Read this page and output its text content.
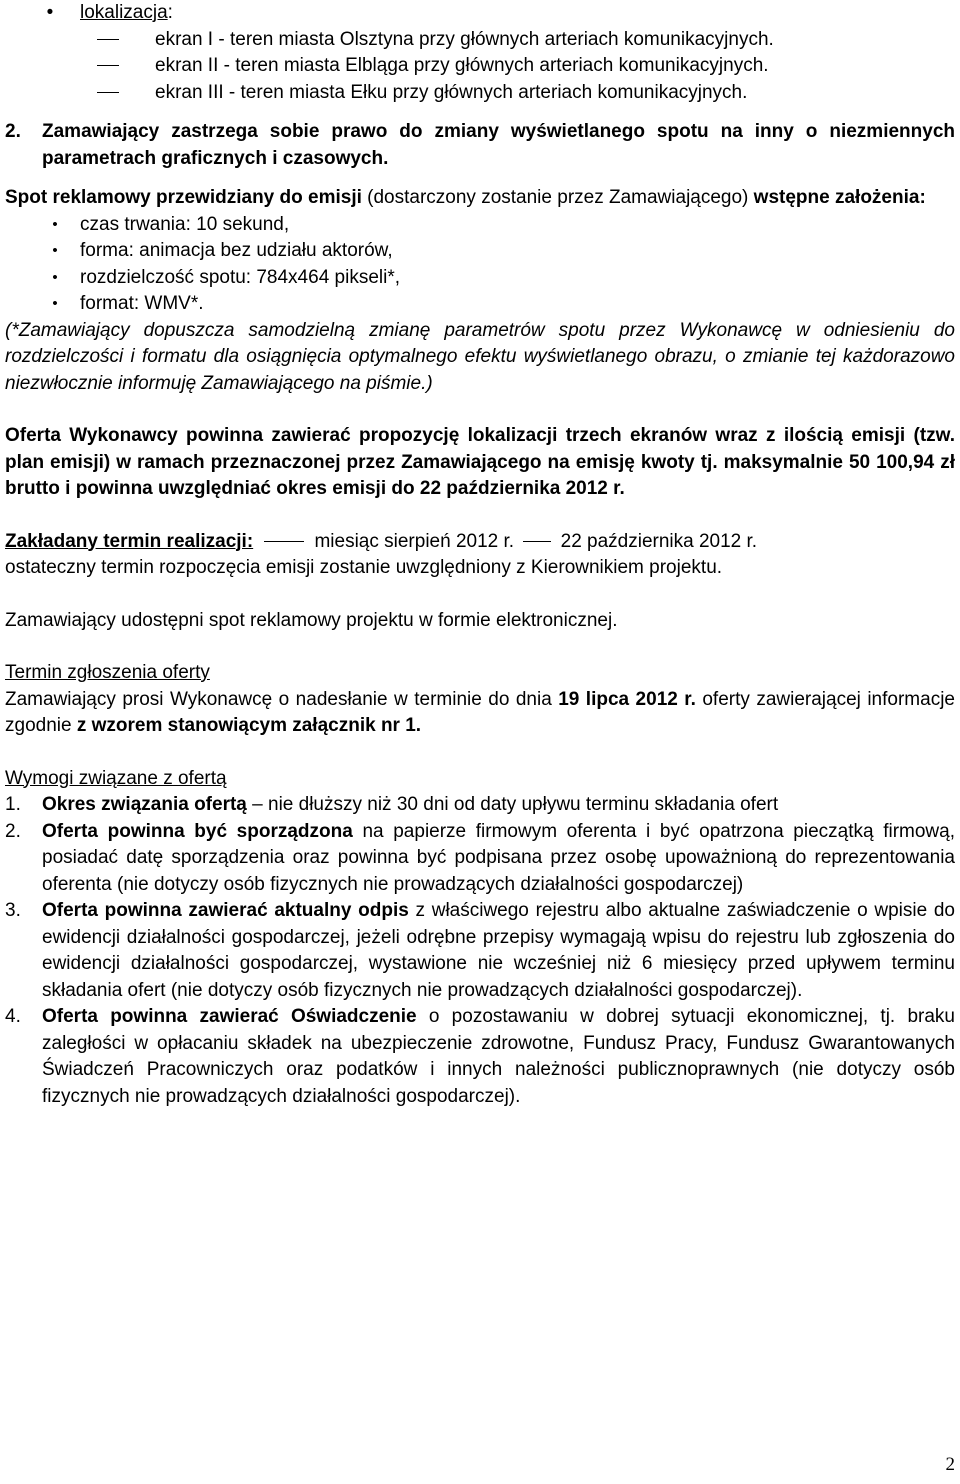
•	lokalizacja:
ekran I - teren miasta Olsztyna przy głównych arteriach komunikacyjnych.
ekran II - teren miasta Elbląga przy głównych arteriach komunikacyjnych.
ekran III - teren miasta Ełku przy głównych arteriach komunikacyjnych.
2. Zamawiający zastrzega sobie prawo do zmiany wyświetlanego spotu na inny o niezmiennych parametrach graficznych i czasowych.
Spot reklamowy przewidziany do emisji (dostarczony zostanie przez Zamawiającego) wstępne założenia:
• czas trwania: 10 sekund,
• forma: animacja bez udziału aktorów,
• rozdzielczość spotu: 784x464 pikseli*,
• format: WMV*.
(*Zamawiający dopuszcza samodzielną zmianę parametrów spotu przez Wykonawcę w odniesieniu do rozdzielczości i formatu dla osiągnięcia optymalnego efektu wyświetlanego obrazu, o zmianie tej każdorazowo niezwłocznie informuję Zamawiającego na piśmie.)
Oferta Wykonawcy powinna zawierać propozycję lokalizacji trzech ekranów wraz z ilością emisji (tzw. plan emisji) w ramach przeznaczonej przez Zamawiającego na emisję kwoty tj. maksymalnie 50 100,94 zł brutto i powinna uwzględniać okres emisji do 22 października 2012 r.
Zakładany termin realizacji:	miesiąc sierpień 2012 r.  22 października 2012 r.
ostateczny termin rozpoczęcia emisji zostanie uwzględniony z Kierownikiem projektu.
Zamawiający udostępni spot reklamowy projektu w formie elektronicznej.
Termin zgłoszenia oferty
Zamawiający prosi Wykonawcę o nadesłanie w terminie do dnia 19 lipca 2012 r. oferty zawierającej informacje zgodnie z wzorem stanowiącym załącznik nr 1.
Wymogi związane z ofertą
1. Okres związania ofertą – nie dłuższy niż 30 dni od daty upływu terminu składania ofert
2. Oferta powinna być sporządzona na papierze firmowym oferenta i być opatrzona pieczątką firmową, posiadać datę sporządzenia oraz powinna być podpisana przez osobę upoważnioną do reprezentowania oferenta (nie dotyczy osób fizycznych nie prowadzących działalności gospodarczej)
3. Oferta powinna zawierać aktualny odpis z właściwego rejestru albo aktualne zaświadczenie o wpisie do ewidencji działalności gospodarczej, jeżeli odrębne przepisy wymagają wpisu do rejestru lub zgłoszenia do ewidencji działalności gospodarczej, wystawione nie wcześniej niż 6 miesięcy przed upływem terminu składania ofert (nie dotyczy osób fizycznych nie prowadzących działalności gospodarczej).
4. Oferta powinna zawierać Oświadczenie o pozostawaniu w dobrej sytuacji ekonomicznej, tj. braku zaległości w opłacaniu składek na ubezpieczenie zdrowotne, Fundusz Pracy, Fundusz Gwarantowanych Świadczeń Pracowniczych oraz podatków i innych należności publicznoprawnych (nie dotyczy osób fizycznych nie prowadzących działalności gospodarczej).
2
